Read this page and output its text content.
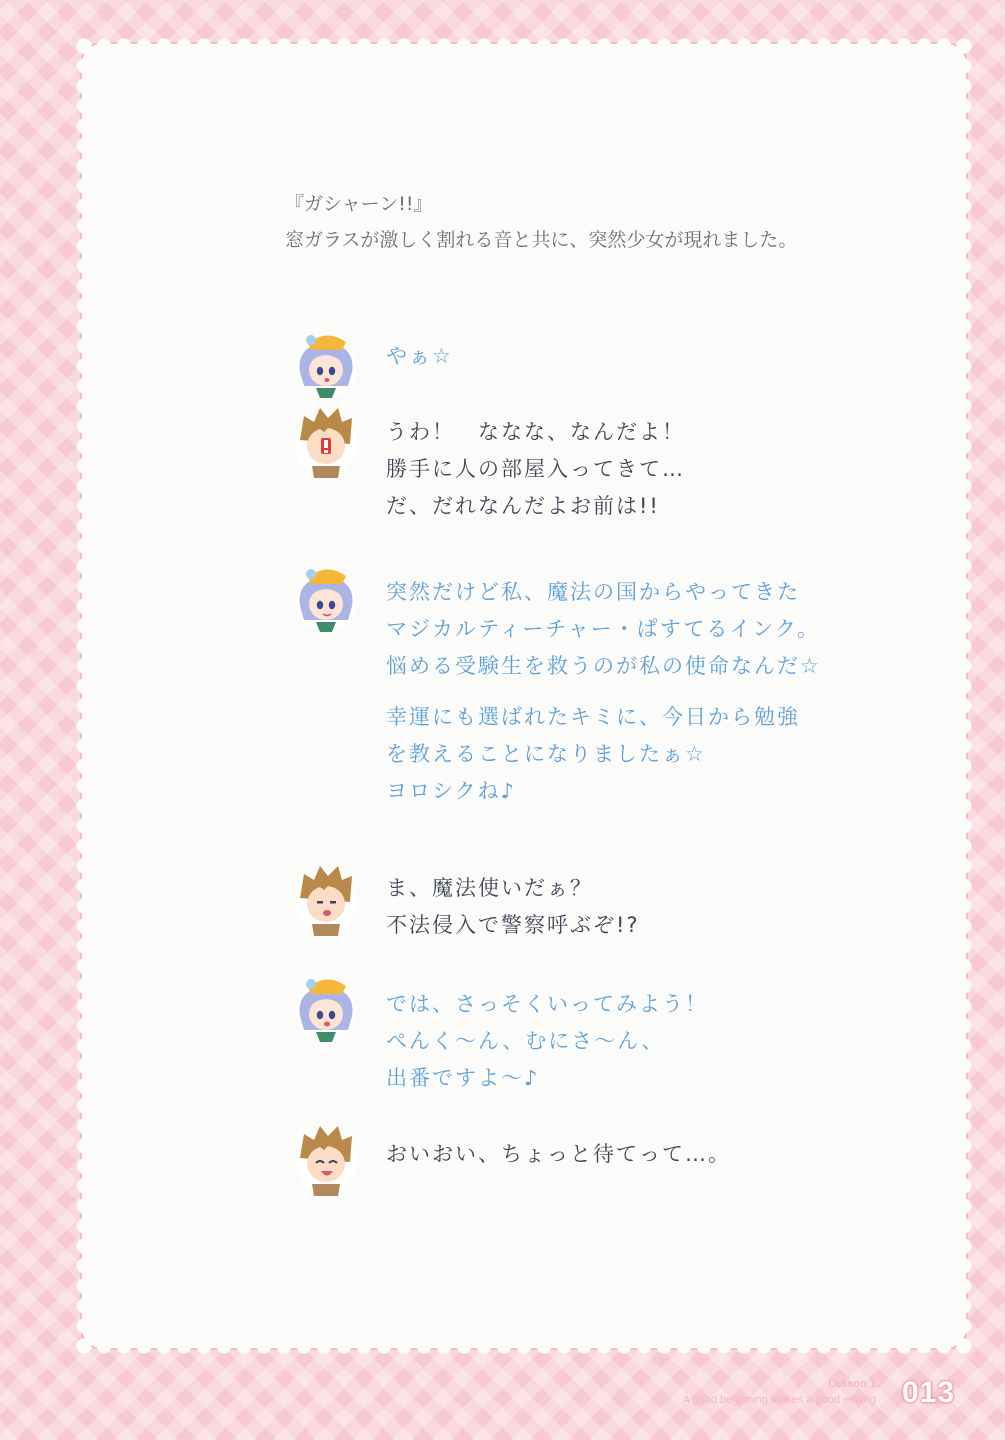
『ガシャーン!!』
窓ガラスが激しく割れる音と共に、突然少女が現れました。
やぁ☆
うわ！　ななな、なんだよ！
勝手に人の部屋入ってきて…
だ、だれなんだよお前は!!
突然だけど私、魔法の国からやってきた
マジカルティーチャー・ぱすてるインク。
悩める受験生を救うのが私の使命なんだ☆
幸運にも選ばれたキミに、今日から勉強
を教えることになりましたぁ☆
ヨロシクね♪
ま、魔法使いだぁ？
不法侵入で警察呼ぶぞ!?
では、さっそくいってみよう！
ぺんく～ん、むにさ～ん、
出番ですよ～♪
おいおい、ちょっと待てって…。
Lesson 1
A good beginning makes a good ending 013
